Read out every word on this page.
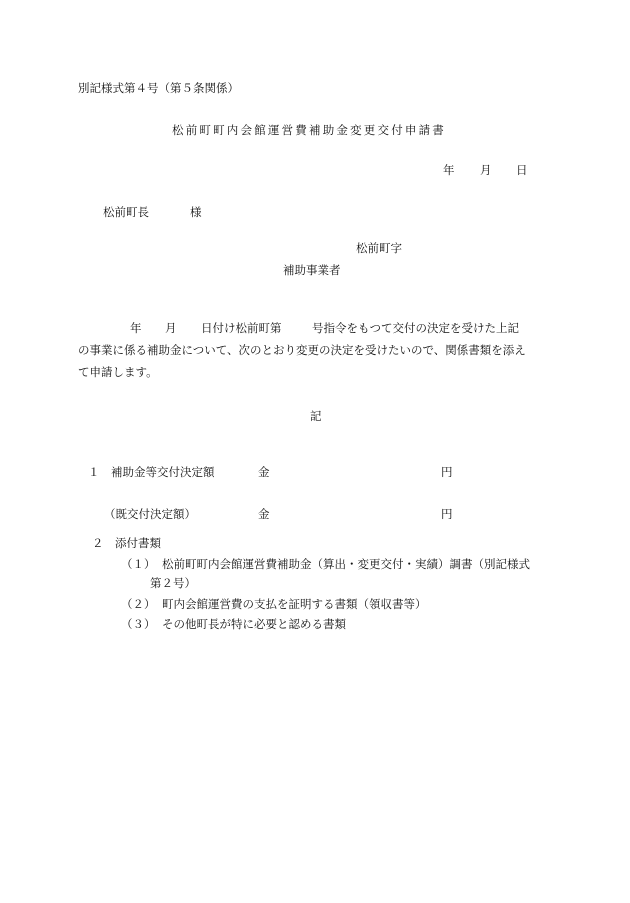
別記様式第４号（第５条関係）
松前町町内会館運営費補助金変更交付申請書
年 月 日
松前町長	様
松前町字
補助事業者
年 月 日付け松前町第	号指令をもつて交付の決定を受けた上記
の事業に係る補助金について、次のとおり変更の決定を受けたいので、関係書類を添え
て申請します。
記
１　補助金等交付決定額	金	円
（既交付決定額）	金	円
２　添付書類
（１） 松前町町内会館運営費補助金（算出・変更交付・実績）調書（別記様式
第２号）
（２） 町内会館運営費の支払を証明する書類（領収書等）
（３） その他町長が特に必要と認める書類
